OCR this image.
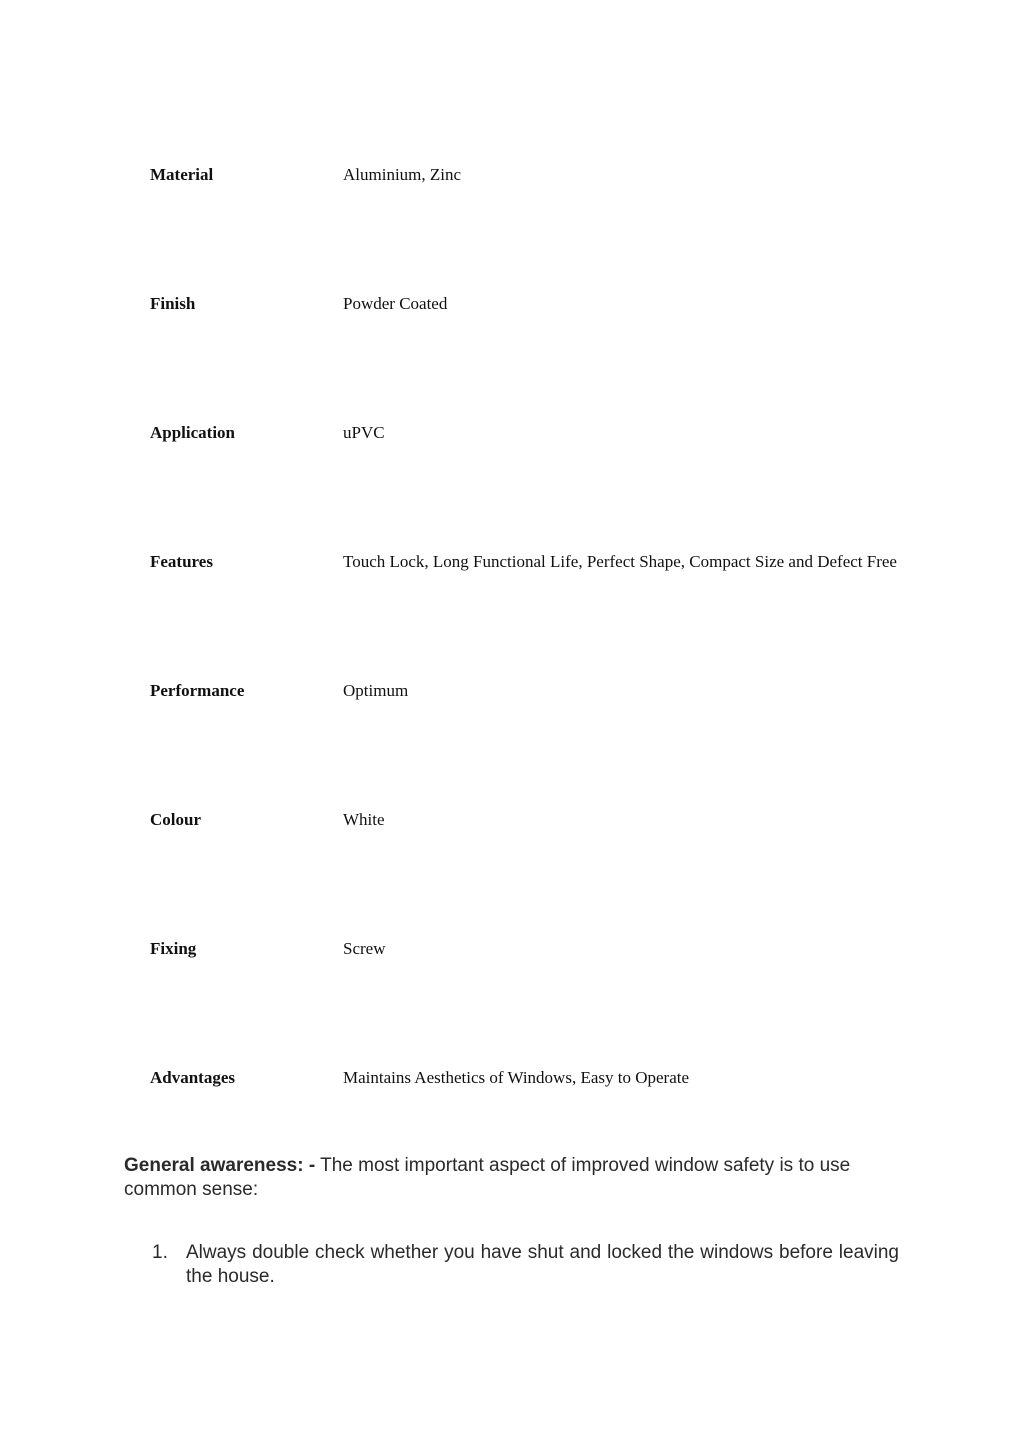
Material	Aluminium, Zinc
Finish	Powder Coated
Application	uPVC
Features	Touch Lock, Long Functional Life, Perfect Shape, Compact Size and Defect Free
Performance	Optimum
Colour	White
Fixing	Screw
Advantages	Maintains Aesthetics of Windows, Easy to Operate

General awareness: - The most important aspect of improved window safety is to use common sense:

1. Always double check whether you have shut and locked the windows before leaving the house.
